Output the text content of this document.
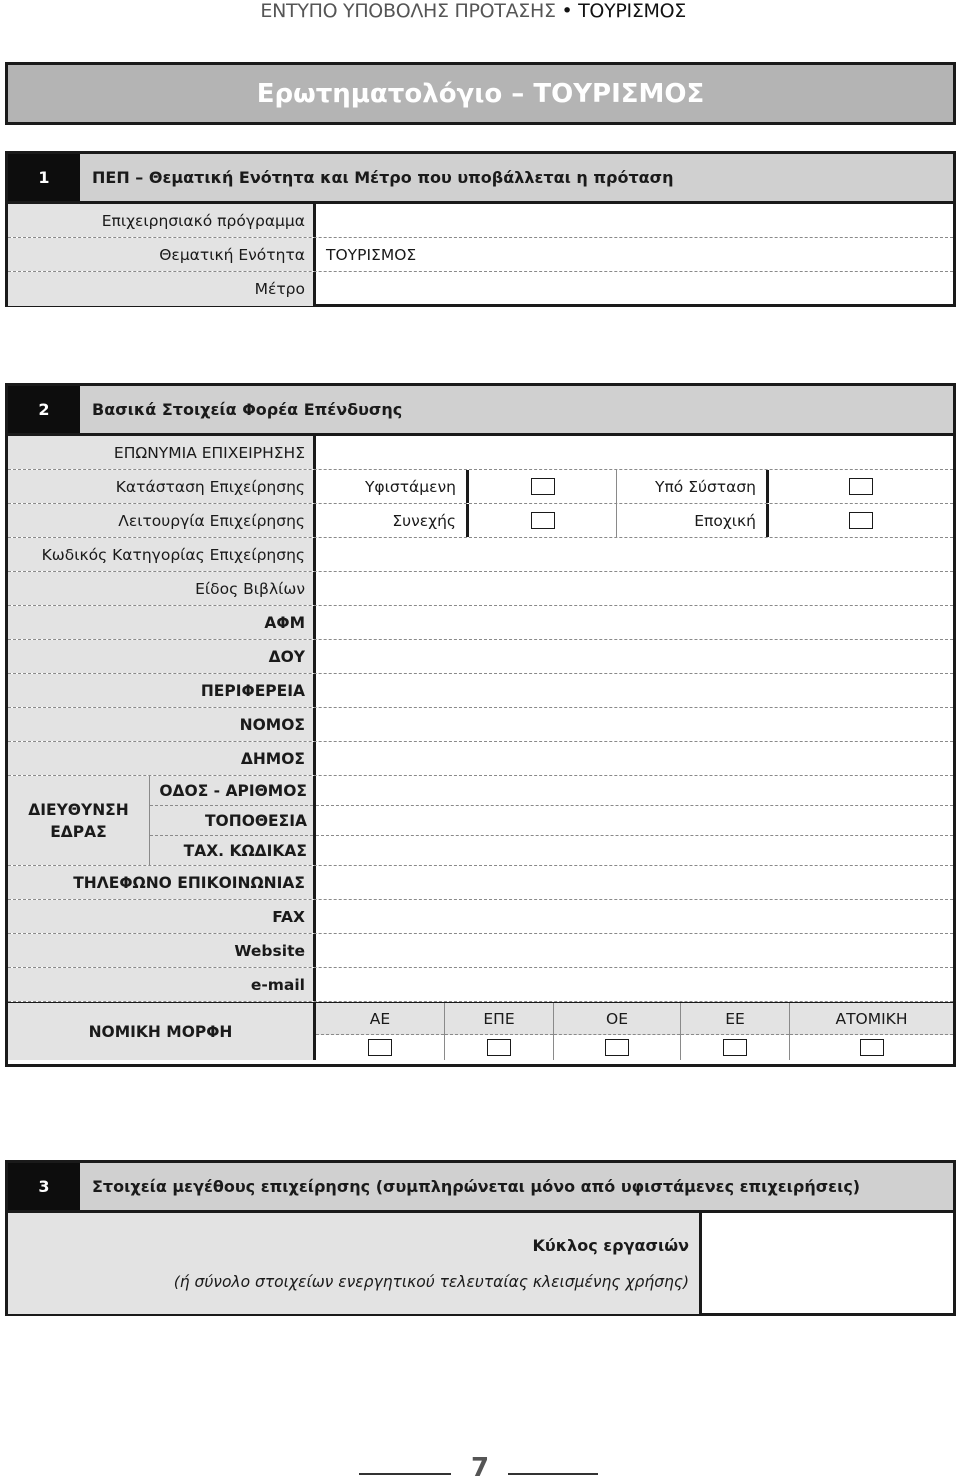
ΕΝΤΥΠΟ ΥΠΟΒΟΛΗΣ ΠΡΟΤΑΣΗΣ • ΤΟΥΡΙΣΜΟΣ
Ερωτηματολόγιο – ΤΟΥΡΙΣΜΟΣ
1	ΠΕΠ – Θεματική Ενότητα και Μέτρο που υποβάλλεται η πρόταση
Επιχειρησιακό πρόγραμμα
Θεματική Ενότητα	ΤΟΥΡΙΣΜΟΣ
Μέτρο
2	Βασικά Στοιχεία Φορέα Επένδυσης
ΕΠΩΝΥΜΙΑ ΕΠΙΧΕΙΡΗΣΗΣ
Κατάσταση Επιχείρησης	Υφιστάμενη	Υπό Σύσταση
Λειτουργία Επιχείρησης	Συνεχής	Εποχική
Κωδικός Κατηγορίας Επιχείρησης
Είδος Βιβλίων
ΑΦΜ
ΔΟΥ
ΠΕΡΙΦΕΡΕΙΑ
ΝΟΜΟΣ
ΔΗΜΟΣ
ΔΙΕΥΘΥΝΣΗ
ΕΔΡΑΣ
ΟΔΟΣ - ΑΡΙΘΜΟΣ
ΤΟΠΟΘΕΣΙΑ
ΤΑΧ. ΚΩΔΙΚΑΣ
ΤΗΛΕΦΩΝΟ ΕΠΙΚΟΙΝΩΝΙΑΣ
FAX
Website
e-mail
ΝΟΜΙΚΗ ΜΟΡΦΗ
ΑΕ	ΕΠΕ	ΟΕ	ΕΕ	ΑΤΟΜΙΚΗ
3	Στοιχεία μεγέθους επιχείρησης (συμπληρώνεται μόνο από υφιστάμενες επιχειρήσεις)
Κύκλος εργασιών
(ή σύνολο στοιχείων ενεργητικού τελευταίας κλεισμένης χρήσης)
7
